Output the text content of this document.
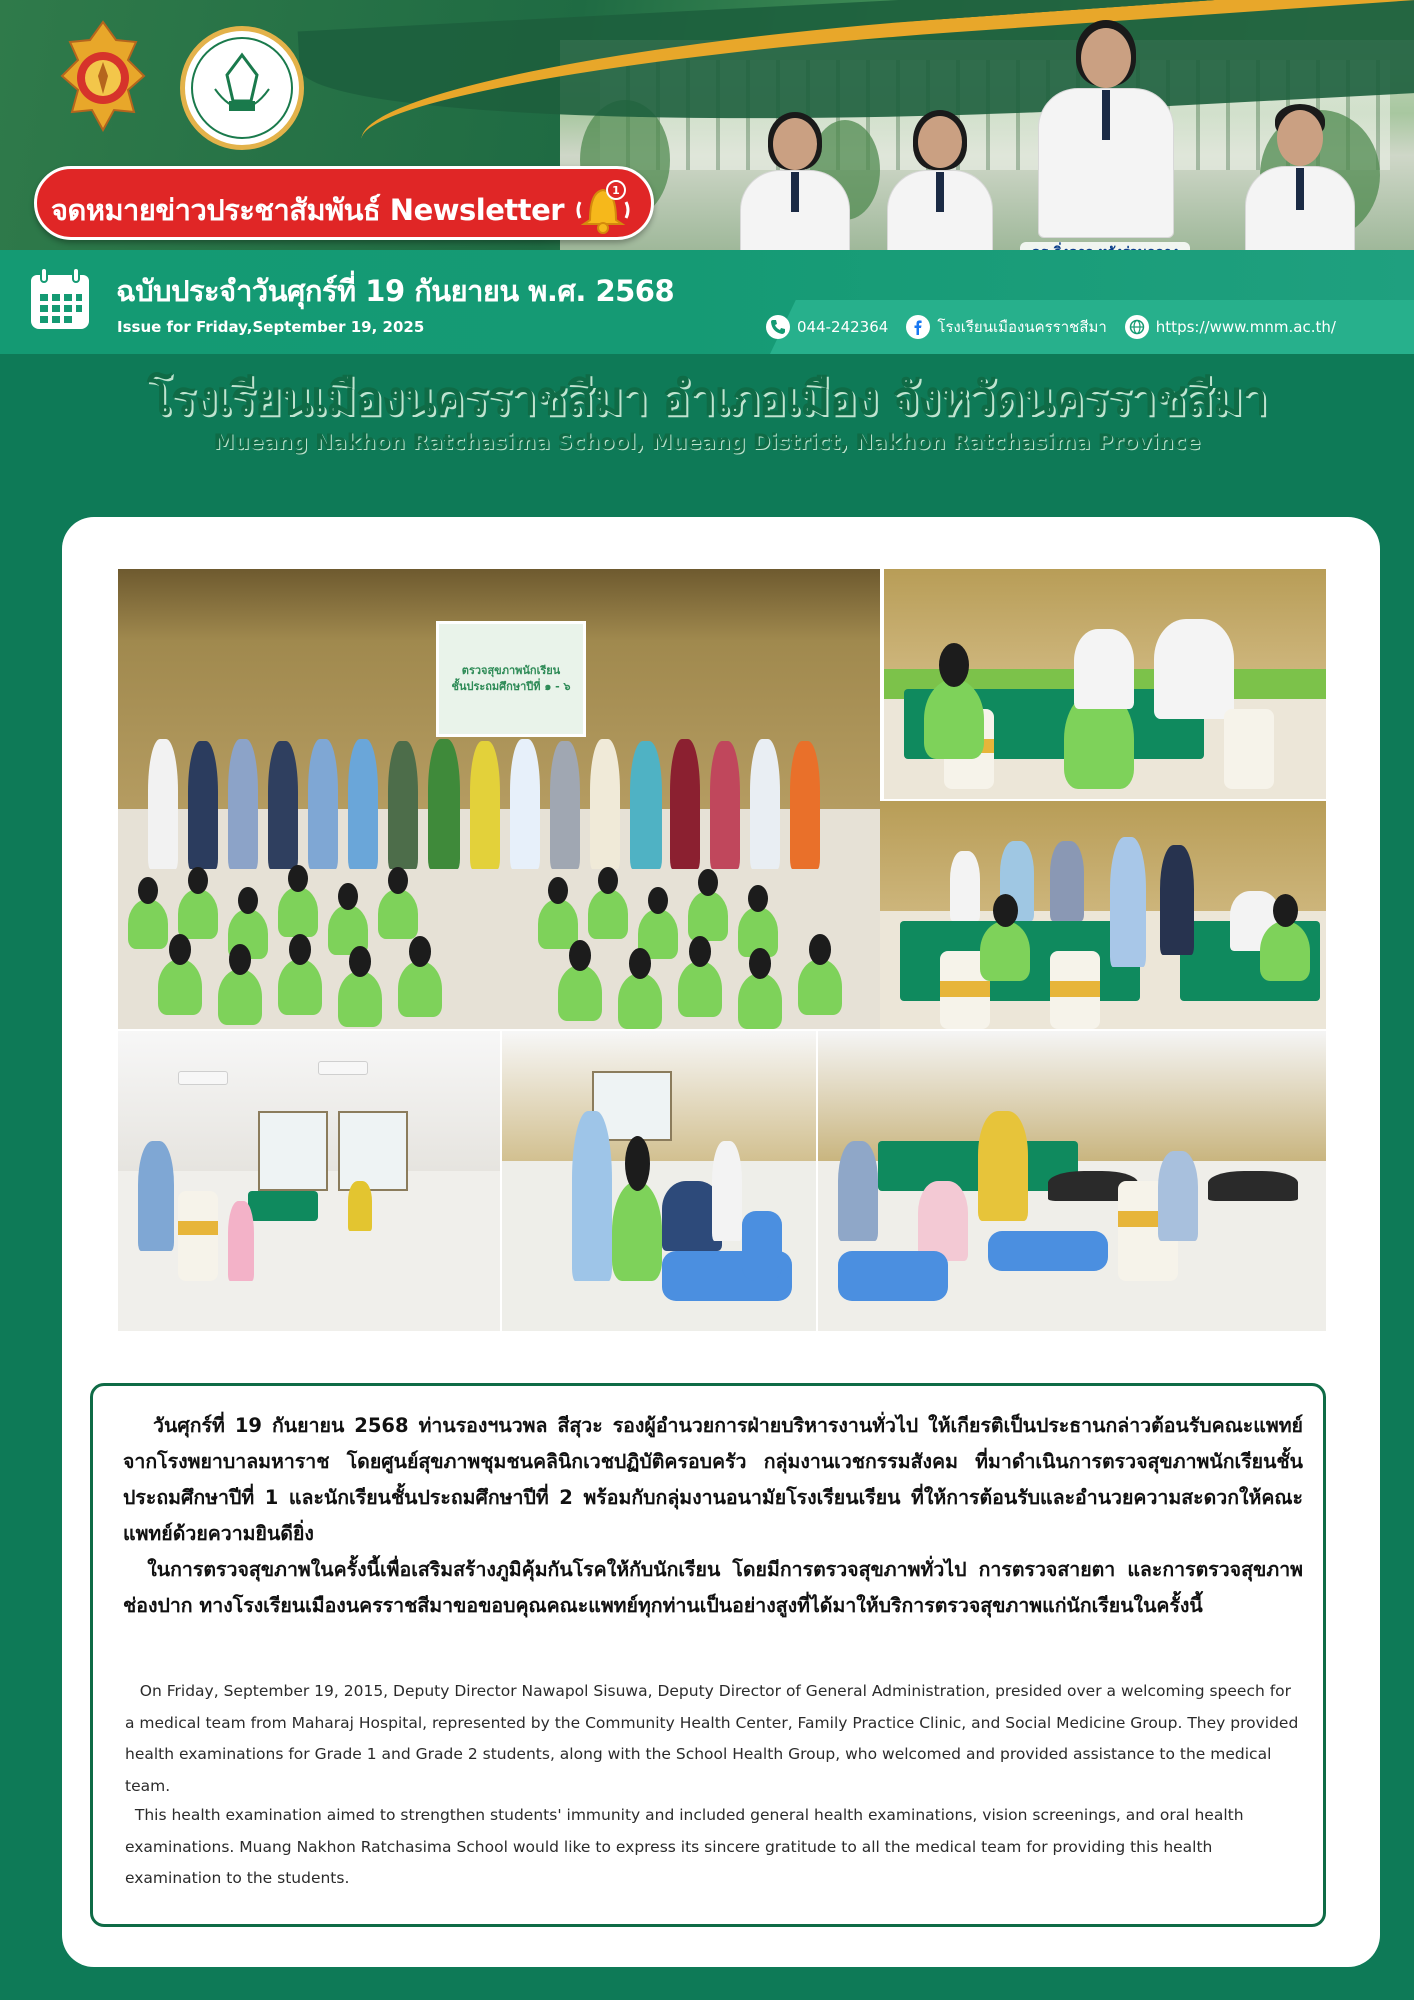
จดหมายข่าวประชาสัมพันธ์ Newsletter
1
ฉบับประจำวันศุกร์ที่ 19 กันยายน พ.ศ. 2568
Issue for Friday,September 19, 2025	044-242364	โรงเรียนเมืองนครราชสีมา	https://www.mnm.ac.th/
โรงเรียนเมืองนครราชสีมา อำเภอเมือง จังหวัดนครราชสีมา
Mueang Nakhon Ratchasima School, Mueang District, Nakhon Ratchasima Province
ตรวจสุขภาพนักเรียน
ชั้นประถมศึกษาปีที่ ๑ - ๖

วันศุกร์ที่ 19 กันยายน 2568 ท่านรองฯนวพล สีสุวะ รองผู้อำนวยการฝ่ายบริหารงานทั่วไป ให้เกียรติเป็นประธานกล่าวต้อนรับคณะแพทย์จากโรงพยาบาลมหาราช โดยศูนย์สุขภาพชุมชนคลินิกเวชปฏิบัติครอบครัว กลุ่มงานเวชกรรมสังคม ที่มาดำเนินการตรวจสุขภาพนักเรียนชั้นประถมศึกษาปีที่ 1 และนักเรียนชั้นประถมศึกษาปีที่ 2 พร้อมกับกลุ่มงานอนามัยโรงเรียนเรียน ที่ให้การต้อนรับและอำนวยความสะดวกให้คณะแพทย์ด้วยความยินดียิ่ง

ในการตรวจสุขภาพในครั้งนี้เพื่อเสริมสร้างภูมิคุ้มกันโรคให้กับนักเรียน โดยมีการตรวจสุขภาพทั่วไป การตรวจสายตา และการตรวจสุขภาพช่องปาก ทางโรงเรียนเมืองนครราชสีมาขอขอบคุณคณะแพทย์ทุกท่านเป็นอย่างสูงที่ได้มาให้บริการตรวจสุขภาพแก่นักเรียนในครั้งนี้

On Friday, September 19, 2015, Deputy Director Nawapol Sisuwa, Deputy Director of General Administration, presided over a welcoming speech for a medical team from Maharaj Hospital, represented by the Community Health Center, Family Practice Clinic, and Social Medicine Group. They provided health examinations for Grade 1 and Grade 2 students, along with the School Health Group, who welcomed and provided assistance to the medical team.

This health examination aimed to strengthen students' immunity and included general health examinations, vision screenings, and oral health examinations. Muang Nakhon Ratchasima School would like to express its sincere gratitude to all the medical team for providing this health examination to the students.
